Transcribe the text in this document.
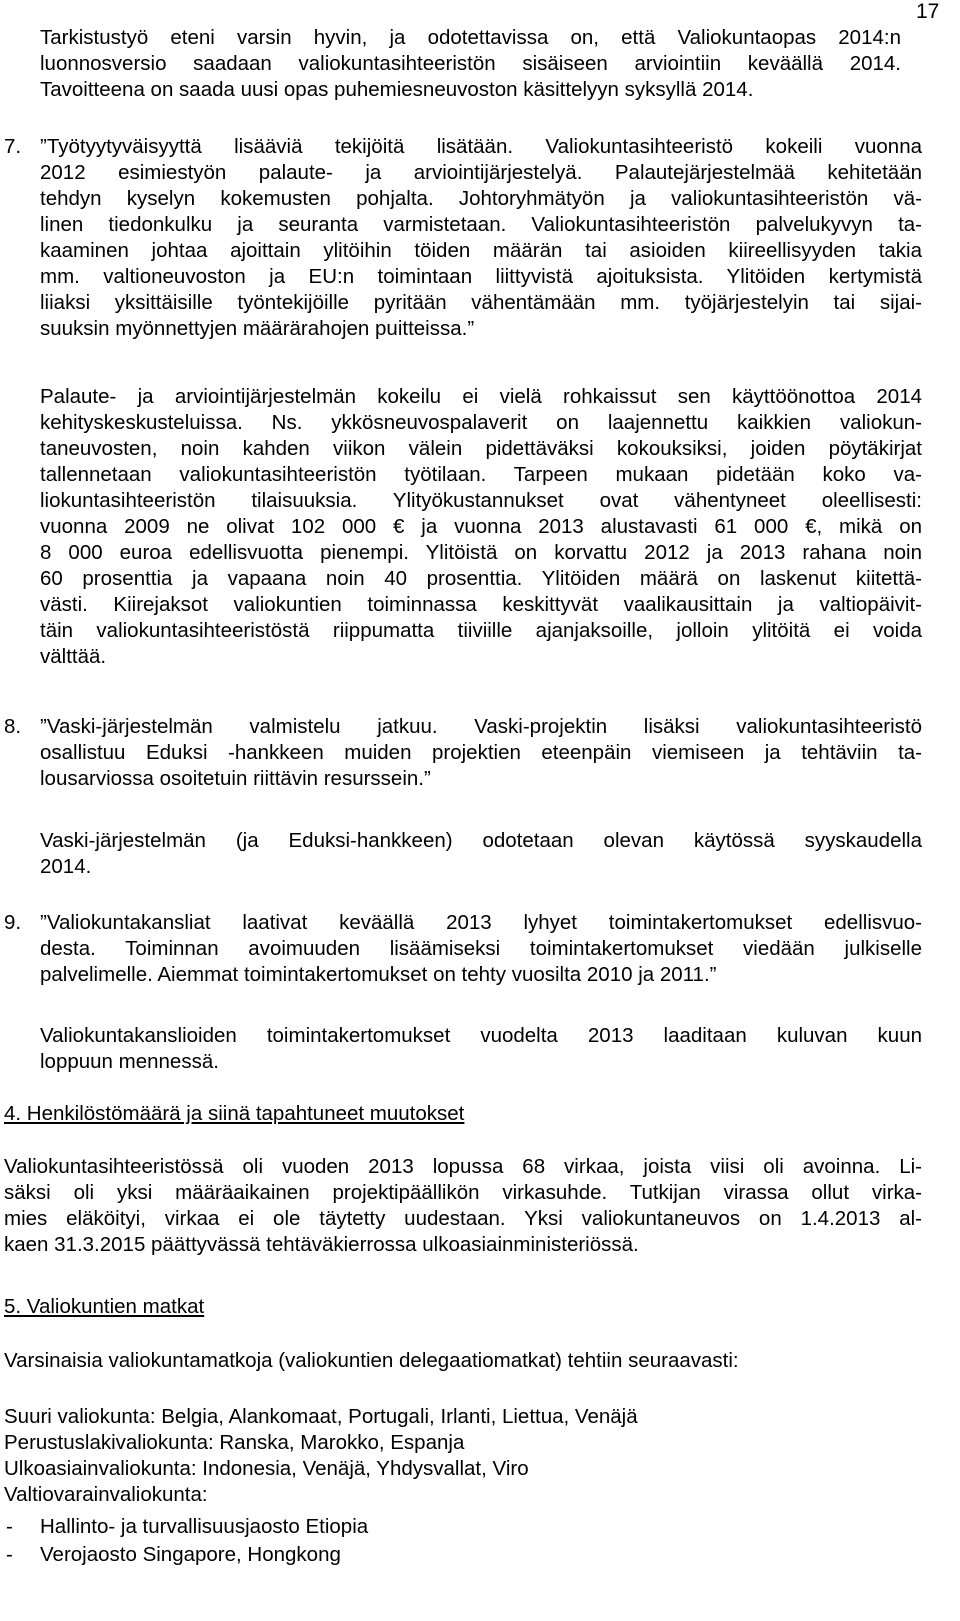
17
Tarkistustyö eteni varsin hyvin, ja odotettavissa on, että Valiokuntaopas 2014:n
luonnosversio saadaan valiokuntasihteeristön sisäiseen arviointiin keväällä 2014.
Tavoitteena on saada uusi opas puhemiesneuvoston käsittelyyn syksyllä 2014.
7. ”Työtyytyväisyyttä lisääviä tekijöitä lisätään. Valiokuntasihteeristö kokeili vuonna
2012 esimiestyön palaute- ja arviointijärjestelyä. Palautejärjestelmää kehitetään
tehdyn kyselyn kokemusten pohjalta. Johtoryhmätyön ja valiokuntasihteeristön vä-
linen tiedonkulku ja seuranta varmistetaan. Valiokuntasihteeristön palvelukyvyn ta-
kaaminen johtaa ajoittain ylitöihin töiden määrän tai asioiden kiireellisyyden takia
mm. valtioneuvoston ja EU:n toimintaan liittyvistä ajoituksista. Ylitöiden kertymistä
liiaksi yksittäisille työntekijöille pyritään vähentämään mm. työjärjestelyin tai sijai-
suuksin myönnettyjen määrärahojen puitteissa.”
Palaute- ja arviointijärjestelmän kokeilu ei vielä rohkaissut sen käyttöönottoa 2014
kehityskeskusteluissa. Ns. ykkösneuvospalaverit on laajennettu kaikkien valiokun-
taneuvosten, noin kahden viikon välein pidettäväksi kokouksiksi, joiden pöytäkirjat
tallennetaan valiokuntasihteeristön työtilaan. Tarpeen mukaan pidetään koko va-
liokuntasihteeristön tilaisuuksia. Ylityökustannukset ovat vähentyneet oleellisesti:
vuonna 2009 ne olivat 102 000 € ja vuonna 2013 alustavasti 61 000 €, mikä on
8 000 euroa edellisvuotta pienempi. Ylitöistä on korvattu 2012 ja 2013 rahana noin
60 prosenttia ja vapaana noin 40 prosenttia. Ylitöiden määrä on laskenut kiitettä-
västi. Kiirejaksot valiokuntien toiminnassa keskittyvät vaalikausittain ja valtiopäivit-
täin valiokuntasihteeristöstä riippumatta tiiviille ajanjaksoille, jolloin ylitöitä ei voida
välttää.
8. ”Vaski-järjestelmän valmistelu jatkuu. Vaski-projektin lisäksi valiokuntasihteeristö
osallistuu Eduksi -hankkeen muiden projektien eteenpäin viemiseen ja tehtäviin ta-
lousarviossa osoitetuin riittävin resurssein.”
Vaski-järjestelmän (ja Eduksi-hankkeen) odotetaan olevan käytössä syyskaudella
2014.
9. ”Valiokuntakansliat laativat keväällä 2013 lyhyet toimintakertomukset edellisvuo-
desta. Toiminnan avoimuuden lisäämiseksi toimintakertomukset viedään julkiselle
palvelimelle. Aiemmat toimintakertomukset on tehty vuosilta 2010 ja 2011.”
Valiokuntakanslioiden toimintakertomukset vuodelta 2013 laaditaan kuluvan kuun
loppuun mennessä.
4. Henkilöstömäärä ja siinä tapahtuneet muutokset
Valiokuntasihteeristössä oli vuoden 2013 lopussa 68 virkaa, joista viisi oli avoinna. Li-
säksi oli yksi määräaikainen projektipäällikön virkasuhde. Tutkijan virassa ollut virka-
mies eläköityi, virkaa ei ole täytetty uudestaan. Yksi valiokuntaneuvos on 1.4.2013 al-
kaen 31.3.2015 päättyvässä tehtäväkierrossa ulkoasiainministeriössä.
5. Valiokuntien matkat
Varsinaisia valiokuntamatkoja (valiokuntien delegaatiomatkat) tehtiin seuraavasti:
Suuri valiokunta: Belgia, Alankomaat, Portugali, Irlanti, Liettua, Venäjä
Perustuslakivaliokunta: Ranska, Marokko, Espanja
Ulkoasiainvaliokunta: Indonesia, Venäjä, Yhdysvallat, Viro
Valtiovarainvaliokunta:
- Hallinto- ja turvallisuusjaosto Etiopia
- Verojaosto Singapore, Hongkong
